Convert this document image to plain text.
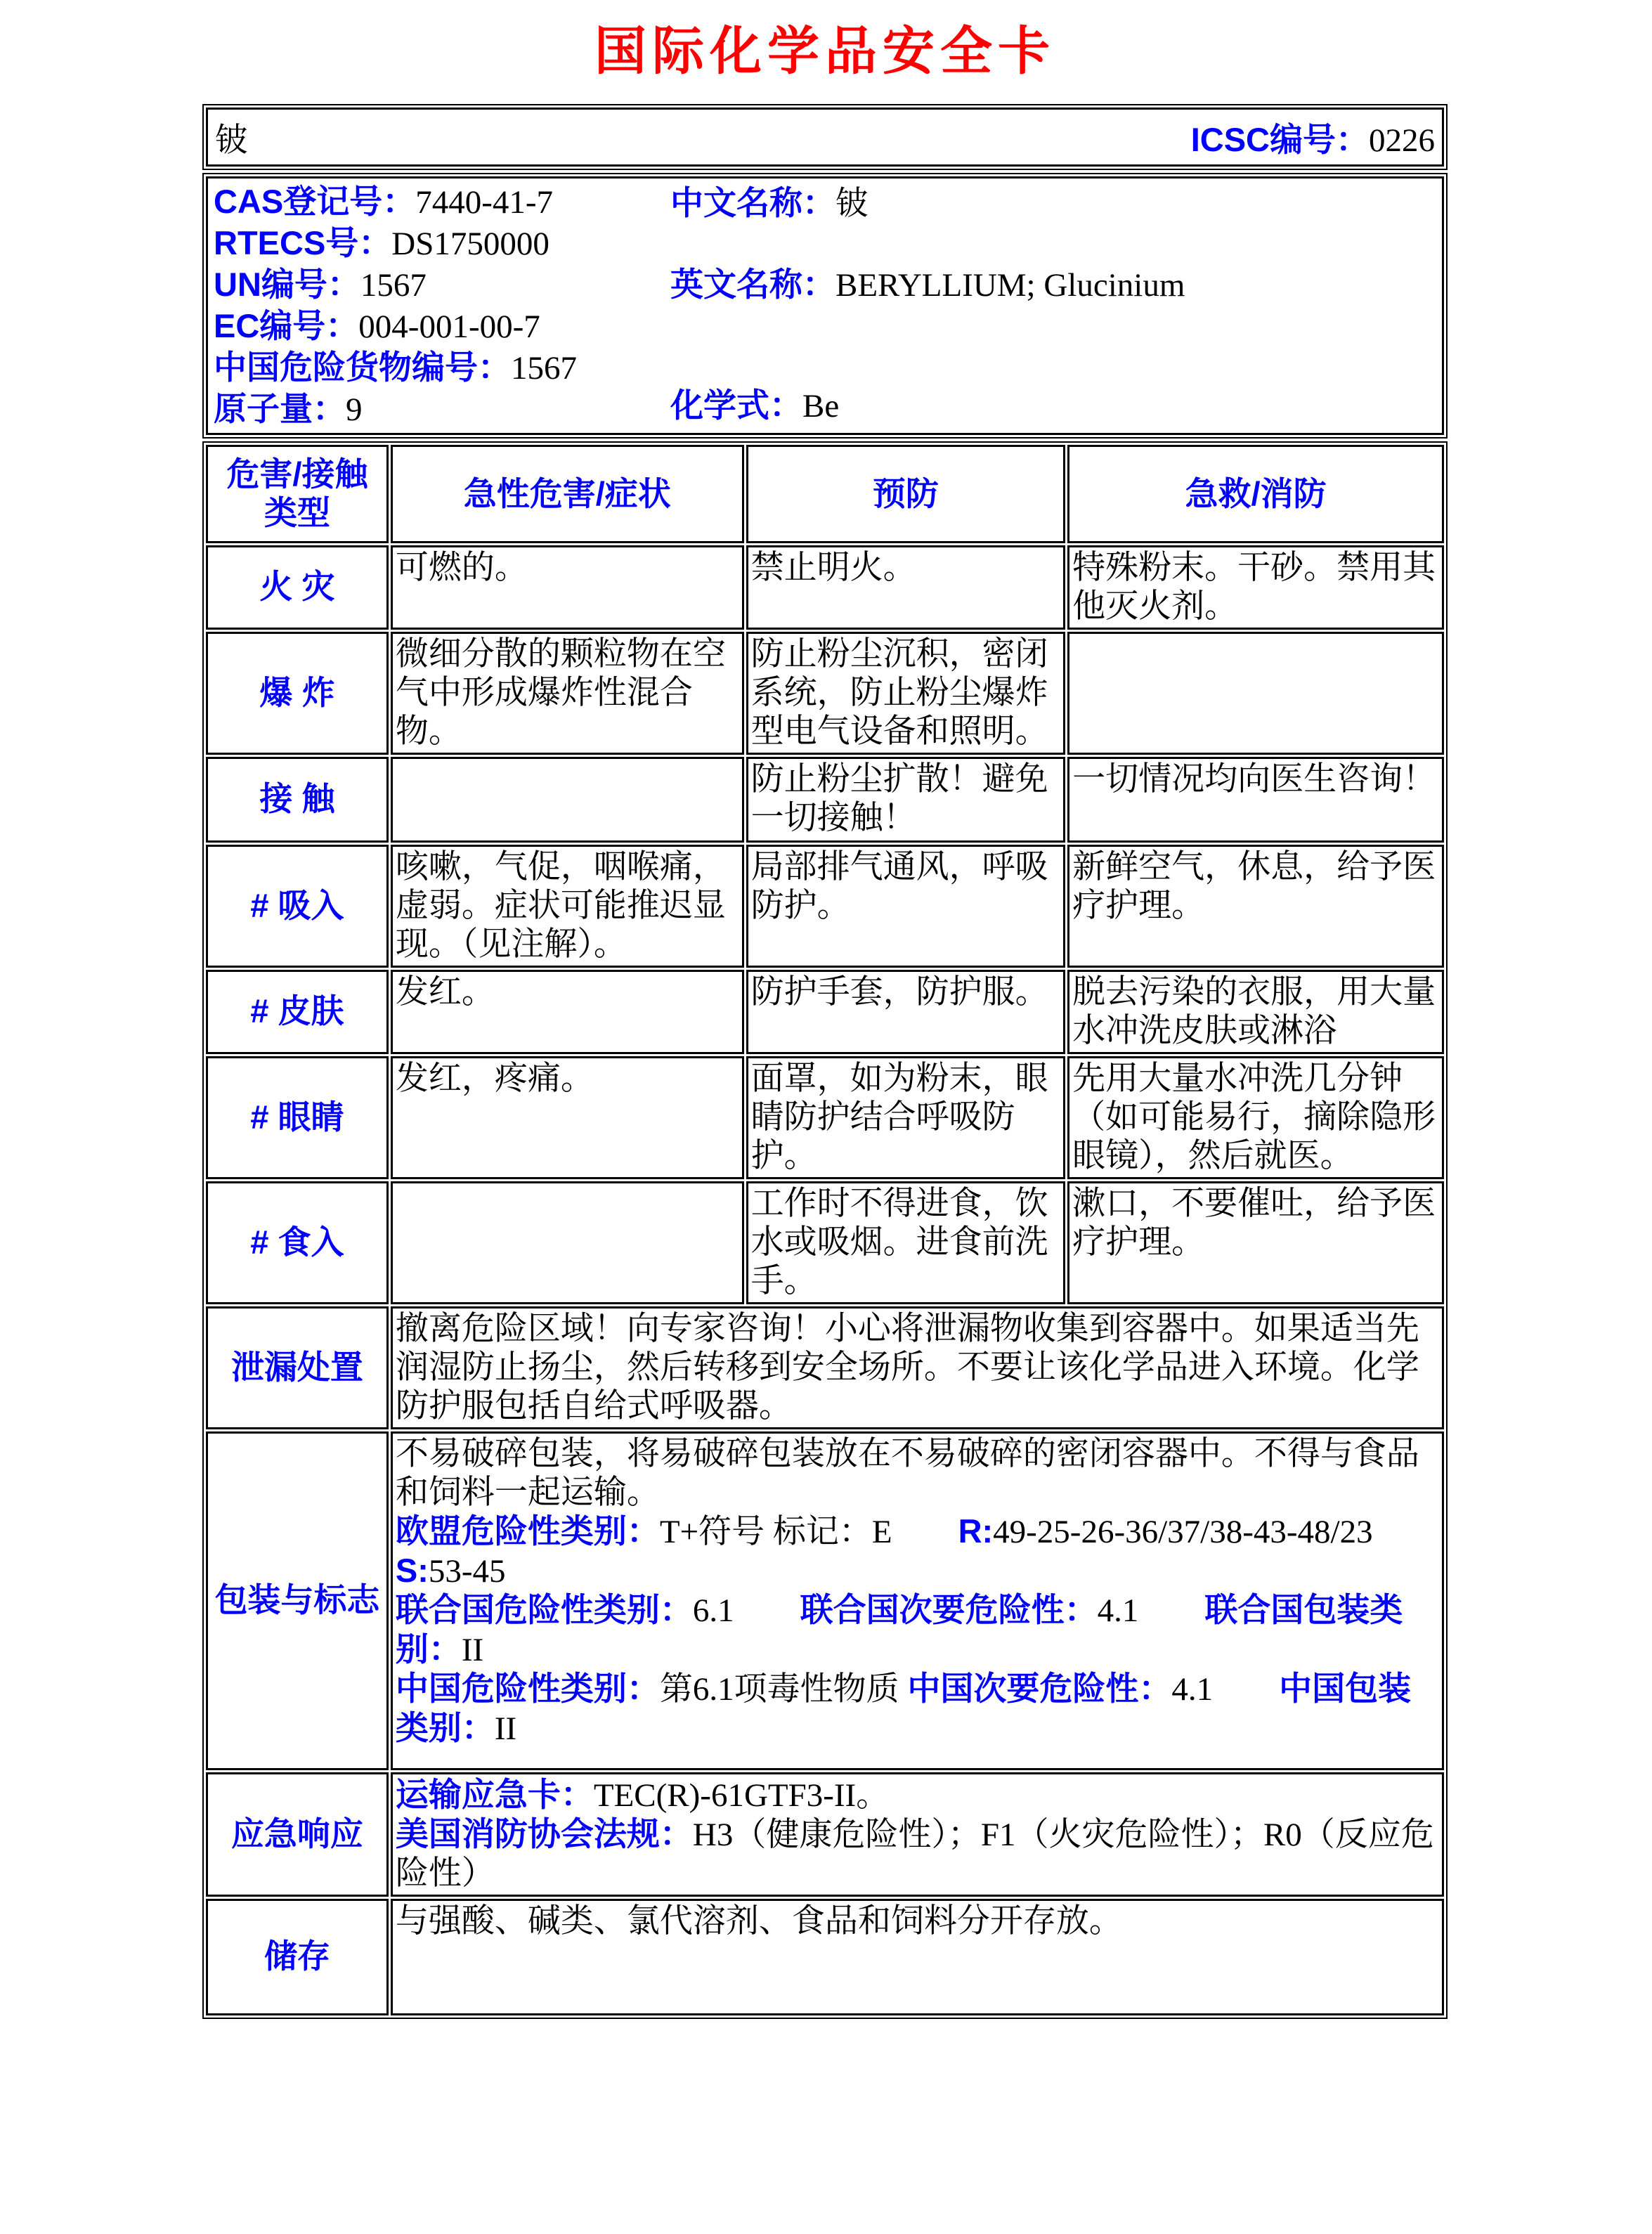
国际化学品安全卡
铍	ICSC编号：0226
CAS登记号：7440-41-7
RTECS号：DS1750000
UN编号：1567
EC编号：004-001-00-7
中国危险货物编号：1567
原子量：9
中文名称：铍
英文名称：BERYLLIUM; Glucinium
化学式：Be
危害/接触类型	急性危害/症状	预防	急救/消防
火 灾	可燃的。	禁止明火。	特殊粉末。干砂。禁用其他灭火剂。
爆 炸	微细分散的颗粒物在空气中形成爆炸性混合物。	防止粉尘沉积，密闭系统，防止粉尘爆炸型电气设备和照明。	
接 触		防止粉尘扩散！避免一切接触！	一切情况均向医生咨询！
# 吸入	咳嗽，气促，咽喉痛，虚弱。症状可能推迟显现。（见注解）。	局部排气通风，呼吸防护。	新鲜空气，休息，给予医疗护理。
# 皮肤	发红。	防护手套，防护服。	脱去污染的衣服，用大量水冲洗皮肤或淋浴
# 眼睛	发红，疼痛。	面罩，如为粉末，眼睛防护结合呼吸防护。	先用大量水冲洗几分钟（如可能易行，摘除隐形眼镜），然后就医。
# 食入		工作时不得进食，饮水或吸烟。进食前洗手。	漱口，不要催吐，给予医疗护理。
泄漏处置	撤离危险区域！向专家咨询！小心将泄漏物收集到容器中。如果适当先润湿防止扬尘，然后转移到安全场所。不要让该化学品进入环境。化学防护服包括自给式呼吸器。		
包装与标志	不易破碎包装，将易破碎包装放在不易破碎的密闭容器中。不得与食品和饲料一起运输。

欧盟危险性类别：T+符号 标记：E　　R:49-25-26-36/37/38-43-48/23 S:53-45

联合国危险性类别：6.1　　联合国次要危险性：4.1　　联合国包装类别：II

中国危险性类别：第6.1项毒性物质 中国次要危险性：4.1　　中国包装类别：II		

应急响应	运输应急卡：TEC(R)-61GTF3-II。

美国消防协会法规：H3（健康危险性）；F1（火灾危险性）；R0（反应危险性）		

储存	与强酸、碱类、氯代溶剂、食品和饲料分开存放。		
